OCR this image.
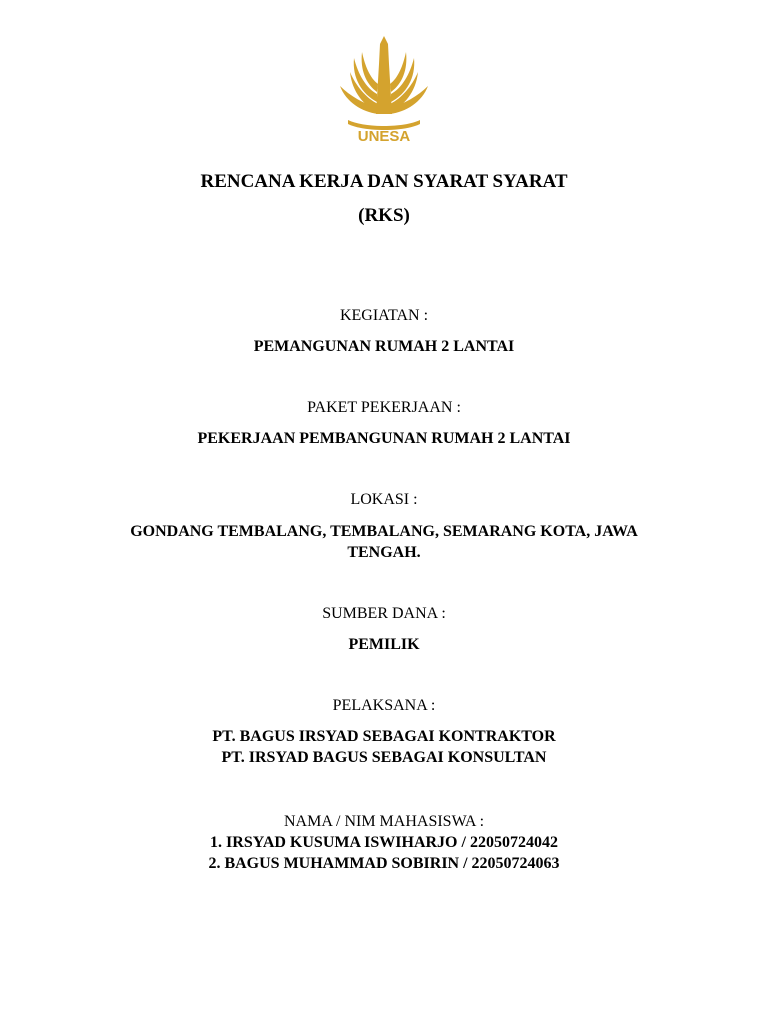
UNESA
RENCANA KERJA DAN SYARAT SYARAT
(RKS)
KEGIATAN :
PEMANGUNAN RUMAH 2 LANTAI
PAKET PEKERJAAN :
PEKERJAAN PEMBANGUNAN RUMAH 2 LANTAI
LOKASI :
GONDANG TEMBALANG, TEMBALANG, SEMARANG KOTA, JAWA
TENGAH.
SUMBER DANA :
PEMILIK
PELAKSANA :
PT. BAGUS IRSYAD SEBAGAI KONTRAKTOR
PT. IRSYAD BAGUS SEBAGAI KONSULTAN
NAMA / NIM MAHASISWA :
1. IRSYAD KUSUMA ISWIHARJO / 22050724042
2. BAGUS MUHAMMAD SOBIRIN / 22050724063
